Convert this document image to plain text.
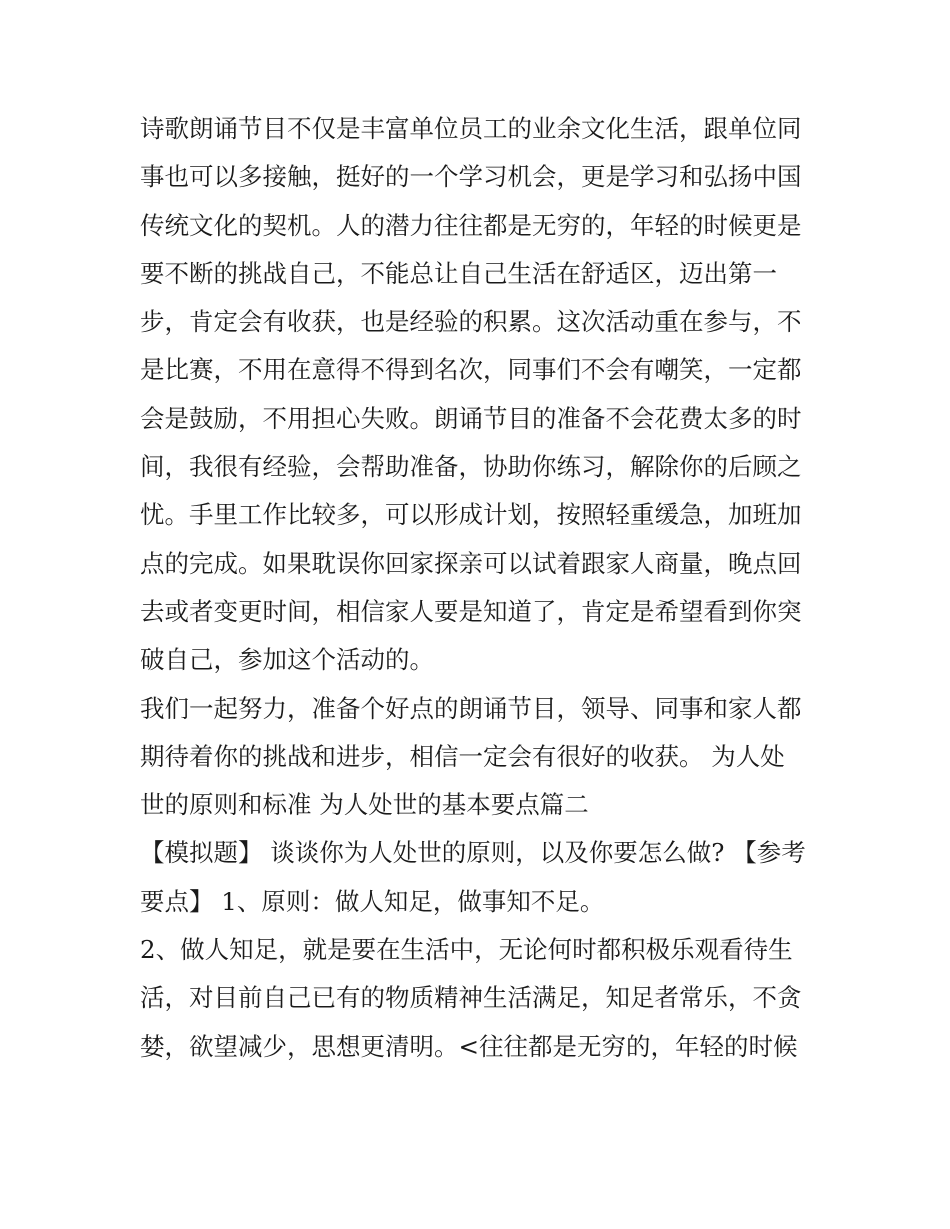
诗歌朗诵节目不仅是丰富单位员工的业余文化生活，跟单位同
事也可以多接触，挺好的一个学习机会，更是学习和弘扬中国
传统文化的契机。人的潜力往往都是无穷的，年轻的时候更是
要不断的挑战自己，不能总让自己生活在舒适区，迈出第一
步，肯定会有收获，也是经验的积累。这次活动重在参与，不
是比赛，不用在意得不得到名次，同事们不会有嘲笑，一定都
会是鼓励，不用担心失败。朗诵节目的准备不会花费太多的时
间，我很有经验，会帮助准备，协助你练习，解除你的后顾之
忧。手里工作比较多，可以形成计划，按照轻重缓急，加班加
点的完成。如果耽误你回家探亲可以试着跟家人商量，晚点回
去或者变更时间，相信家人要是知道了，肯定是希望看到你突
破自己，参加这个活动的。
我们一起努力，准备个好点的朗诵节目，领导、同事和家人都
期待着你的挑战和进步，相信一定会有很好的收获。 为人处
世的原则和标准 为人处世的基本要点篇二
【模拟题】 谈谈你为人处世的原则，以及你要怎么做? 【参考
要点】 1、原则：做人知足，做事知不足。
2、做人知足，就是要在生活中，无论何时都积极乐观看待生
活，对目前自己已有的物质精神生活满足，知足者常乐，不贪
婪，欲望减少，思想更清明。<往往都是无穷的，年轻的时候
